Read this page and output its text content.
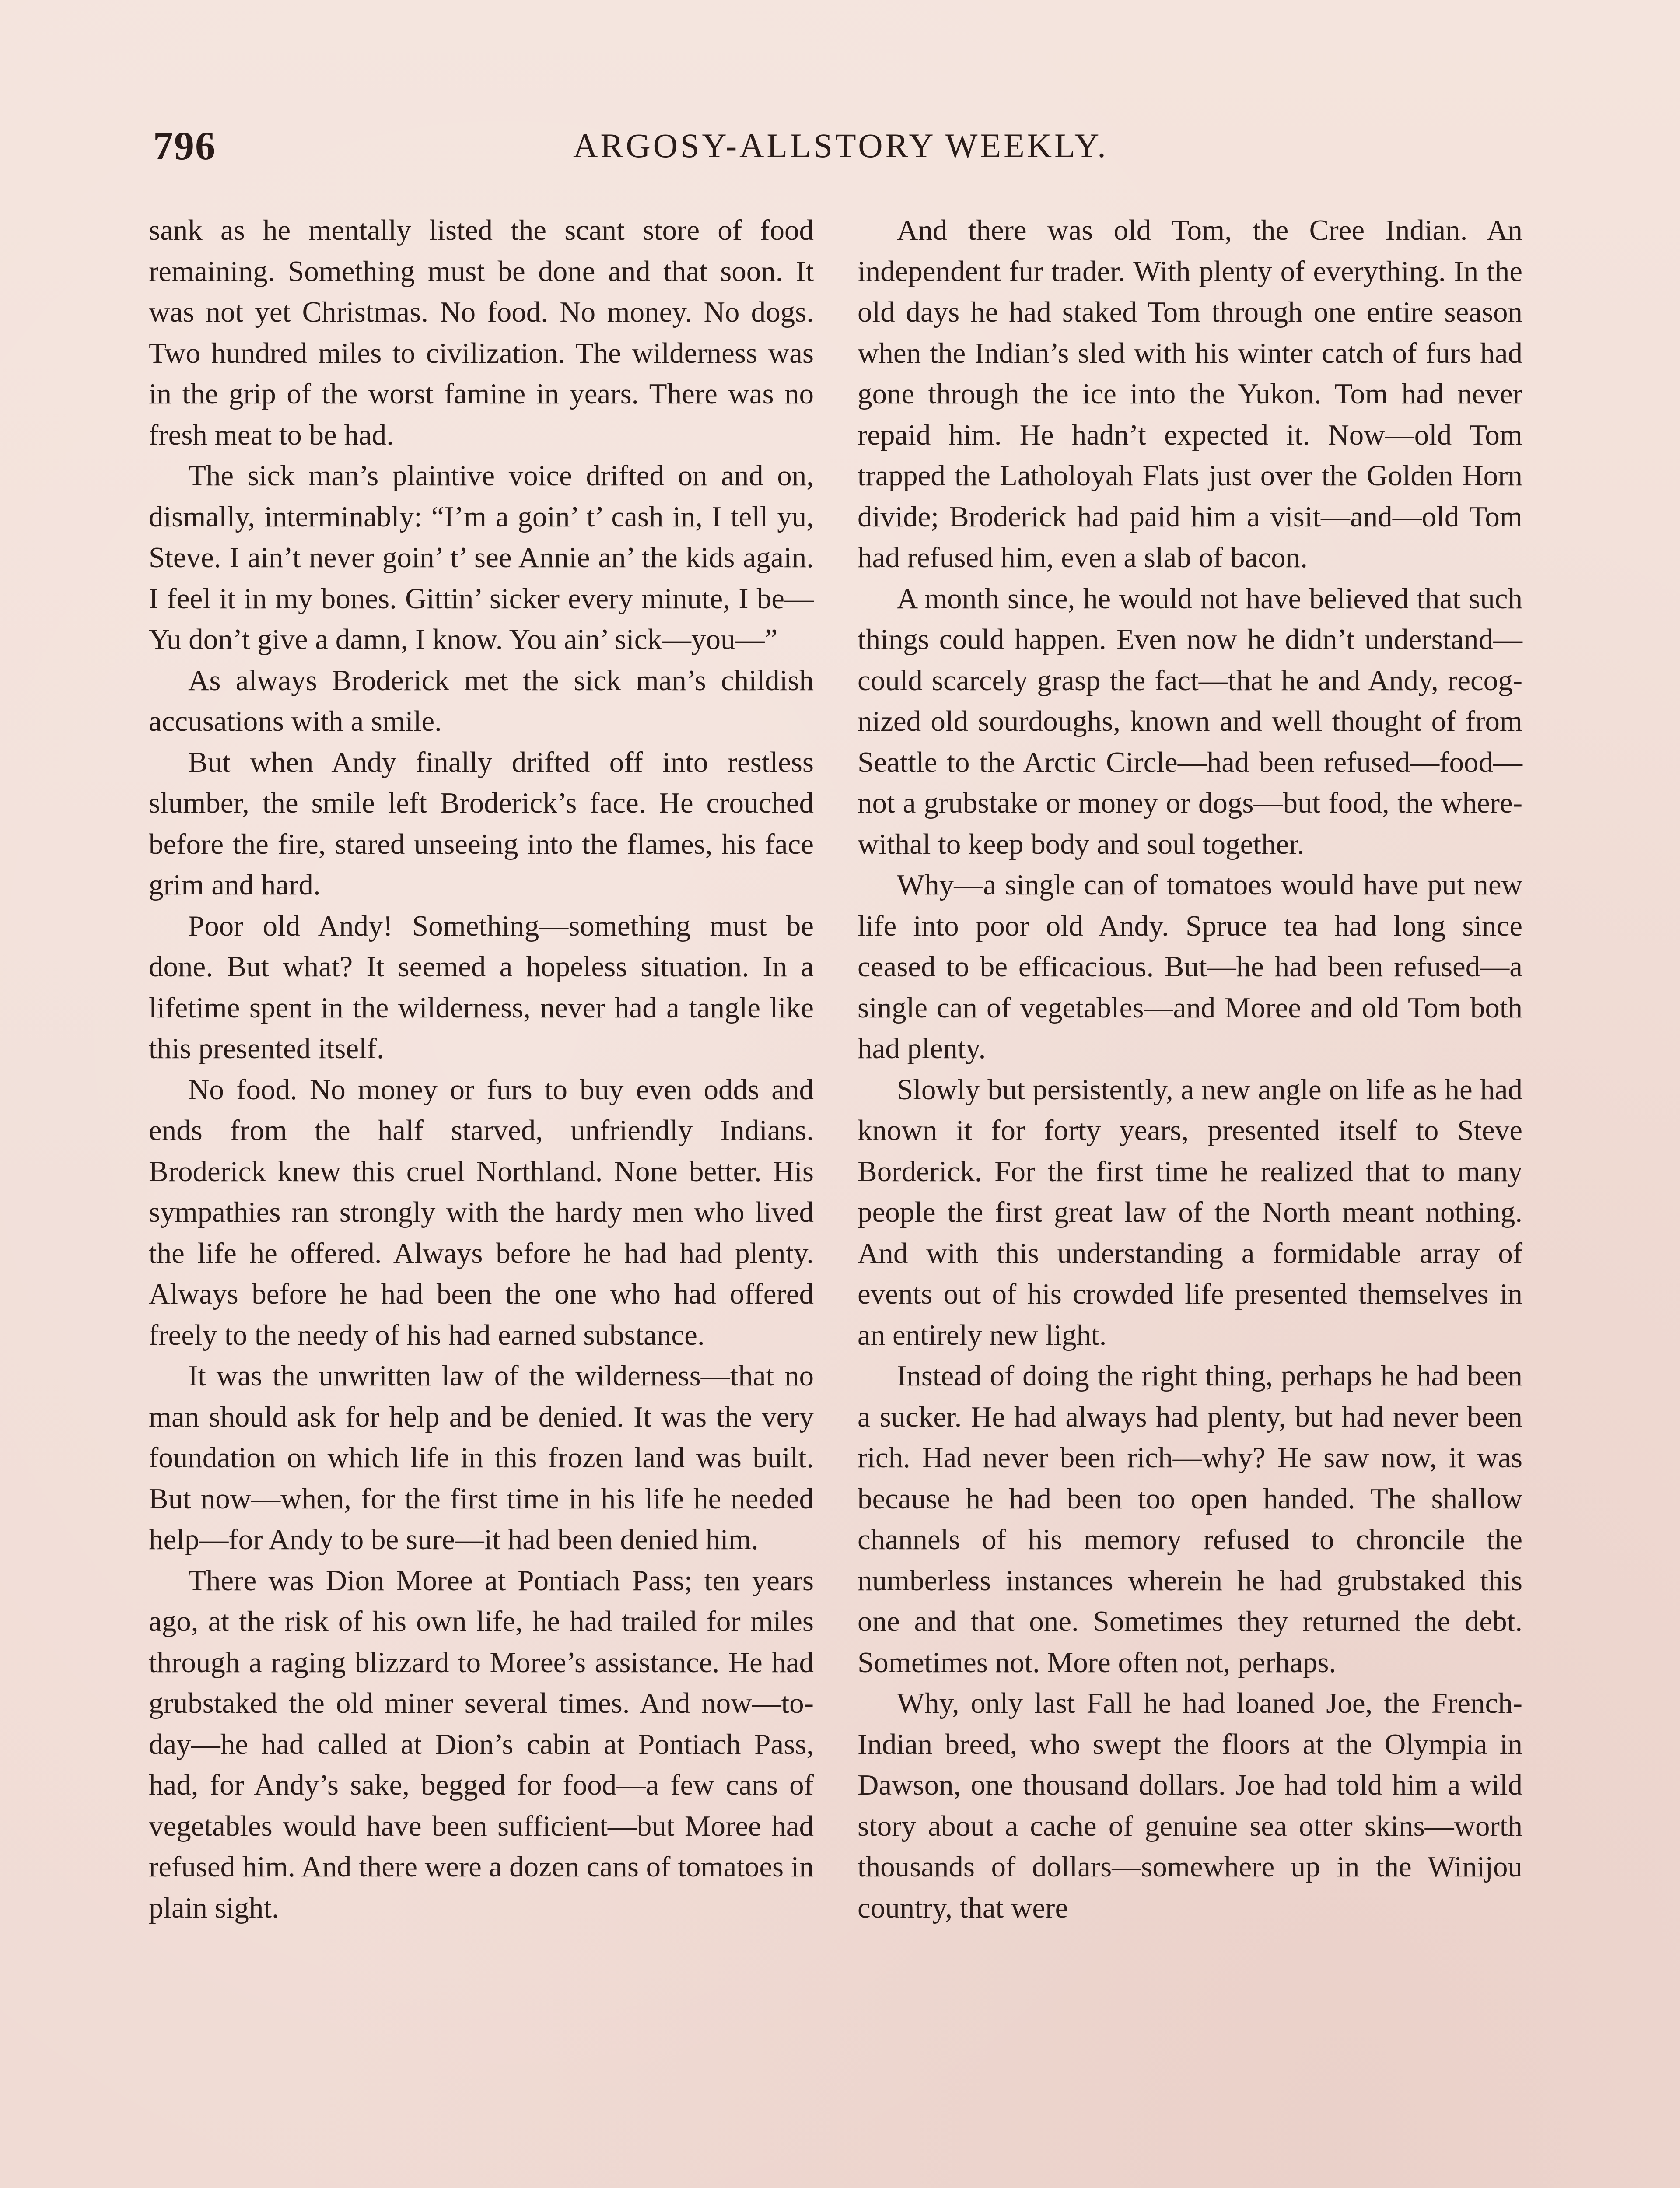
796	ARGOSY-ALLSTORY WEEKLY.

sank as he mentally listed the scant store of food remaining. Something must be done and that soon. It was not yet Christmas. No food. No money. No dogs. Two hundred miles to civilization. The wilderness was in the grip of the worst famine in years. There was no fresh meat to be had.

The sick man’s plaintive voice drifted on and on, dismally, interminably: “I’m a goin’ t’ cash in, I tell yu, Steve. I ain’t never goin’ t’ see Annie an’ the kids again. I feel it in my bones. Gittin’ sicker every minute, I be— Yu don’t give a damn, I know. You ain’ sick—you—”

As always Broderick met the sick man’s childish accusations with a smile.

But when Andy finally drifted off into restless slumber, the smile left Broderick’s face. He crouched before the fire, stared unseeing into the flames, his face grim and hard.

Poor old Andy! Something—something must be done. But what? It seemed a hopeless situation. In a lifetime spent in the wilderness, never had a tangle like this presented itself.

No food. No money or furs to buy even odds and ends from the half starved, unfriendly Indians. Broderick knew this cruel Northland. None better. His sympathies ran strongly with the hardy men who lived the life he offered. Always before he had had plenty. Always before he had been the one who had offered freely to the needy of his had earned substance.

It was the unwritten law of the wilderness—that no man should ask for help and be denied. It was the very foundation on which life in this frozen land was built. But now—when, for the first time in his life he needed help—for Andy to be sure—it had been denied him.

There was Dion Moree at Pontiach Pass; ten years ago, at the risk of his own life, he had trailed for miles through a raging blizzard to Moree’s assistance. He had grubstaked the old miner several times. And now—to-day—he had called at Dion’s cabin at Pontiach Pass, had, for Andy’s sake, begged for food—a few cans of vegetables would have been sufficient—but Moree had refused him. And there were a dozen cans of tomatoes in plain sight.

And there was old Tom, the Cree Indian. An independent fur trader. With plenty of everything. In the old days he had staked Tom through one entire season when the Indian’s sled with his winter catch of furs had gone through the ice into the Yukon. Tom had never repaid him. He hadn’t expected it. Now—old Tom trapped the Latholoyah Flats just over the Golden Horn divide; Broderick had paid him a visit—and—old Tom had refused him, even a slab of bacon.

A month since, he would not have believed that such things could happen. Even now he didn’t understand—could scarcely grasp the fact—that he and Andy, recognized old sourdoughs, known and well thought of from Seattle to the Arctic Circle—had been refused—food—not a grubstake or money or dogs—but food, the wherewithal to keep body and soul together.

Why—a single can of tomatoes would have put new life into poor old Andy. Spruce tea had long since ceased to be efficacious. But—he had been refused—a single can of vegetables—and Moree and old Tom both had plenty.

Slowly but persistently, a new angle on life as he had known it for forty years, presented itself to Steve Borderick. For the first time he realized that to many people the first great law of the North meant nothing. And with this understanding a formidable array of events out of his crowded life presented themselves in an entirely new light.

Instead of doing the right thing, perhaps he had been a sucker. He had always had plenty, but had never been rich. Had never been rich—why? He saw now, it was because he had been too open handed. The shallow channels of his memory refused to chroncile the numberless instances wherein he had grubstaked this one and that one. Sometimes they returned the debt. Sometimes not. More often not, perhaps.

Why, only last Fall he had loaned Joe, the French-Indian breed, who swept the floors at the Olympia in Dawson, one thousand dollars. Joe had told him a wild story about a cache of genuine sea otter skins—worth thousands of dollars—somewhere up in the Winijou country, that were
